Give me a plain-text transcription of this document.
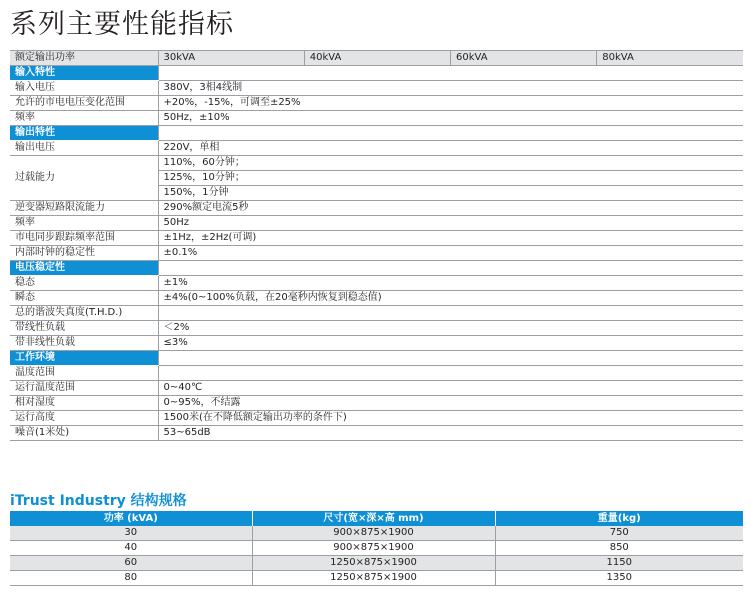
系列主要性能指标
额定输出功率	30kVA	40kVA	60kVA	80kVA
输入特性				
输入电压	380V，3相4线制			
允许的市电电压变化范围	+20%，-15%，可调至±25%			
频率	50Hz，±10%			
输出特性				
输出电压	220V，单相			
过载能力	110%，60分钟；			
	125%，10分钟；			
	150%，1分钟			
逆变器短路限流能力	290%额定电流5秒			
频率	50Hz			
市电同步跟踪频率范围	±1Hz，±2Hz(可调)			
内部时钟的稳定性	±0.1%			
电压稳定性				
稳态	±1%			
瞬态	±4%(0~100%负载，在20毫秒内恢复到稳态值)			
总的谐波失真度(T.H.D.)				
带线性负载	＜2%			
带非线性负载	≤3%			
工作环境				
温度范围				
运行温度范围	0~40℃			
相对湿度	0~95%，不结露			
运行高度	1500米(在不降低额定输出功率的条件下)			
噪音(1米处)	53~65dB			
iTrust Industry 结构规格
功率 (kVA)	尺寸(宽×深×高 mm)	重量(kg)
30	900×875×1900	750
40	900×875×1900	850
60	1250×875×1900	1150
80	1250×875×1900	1350
